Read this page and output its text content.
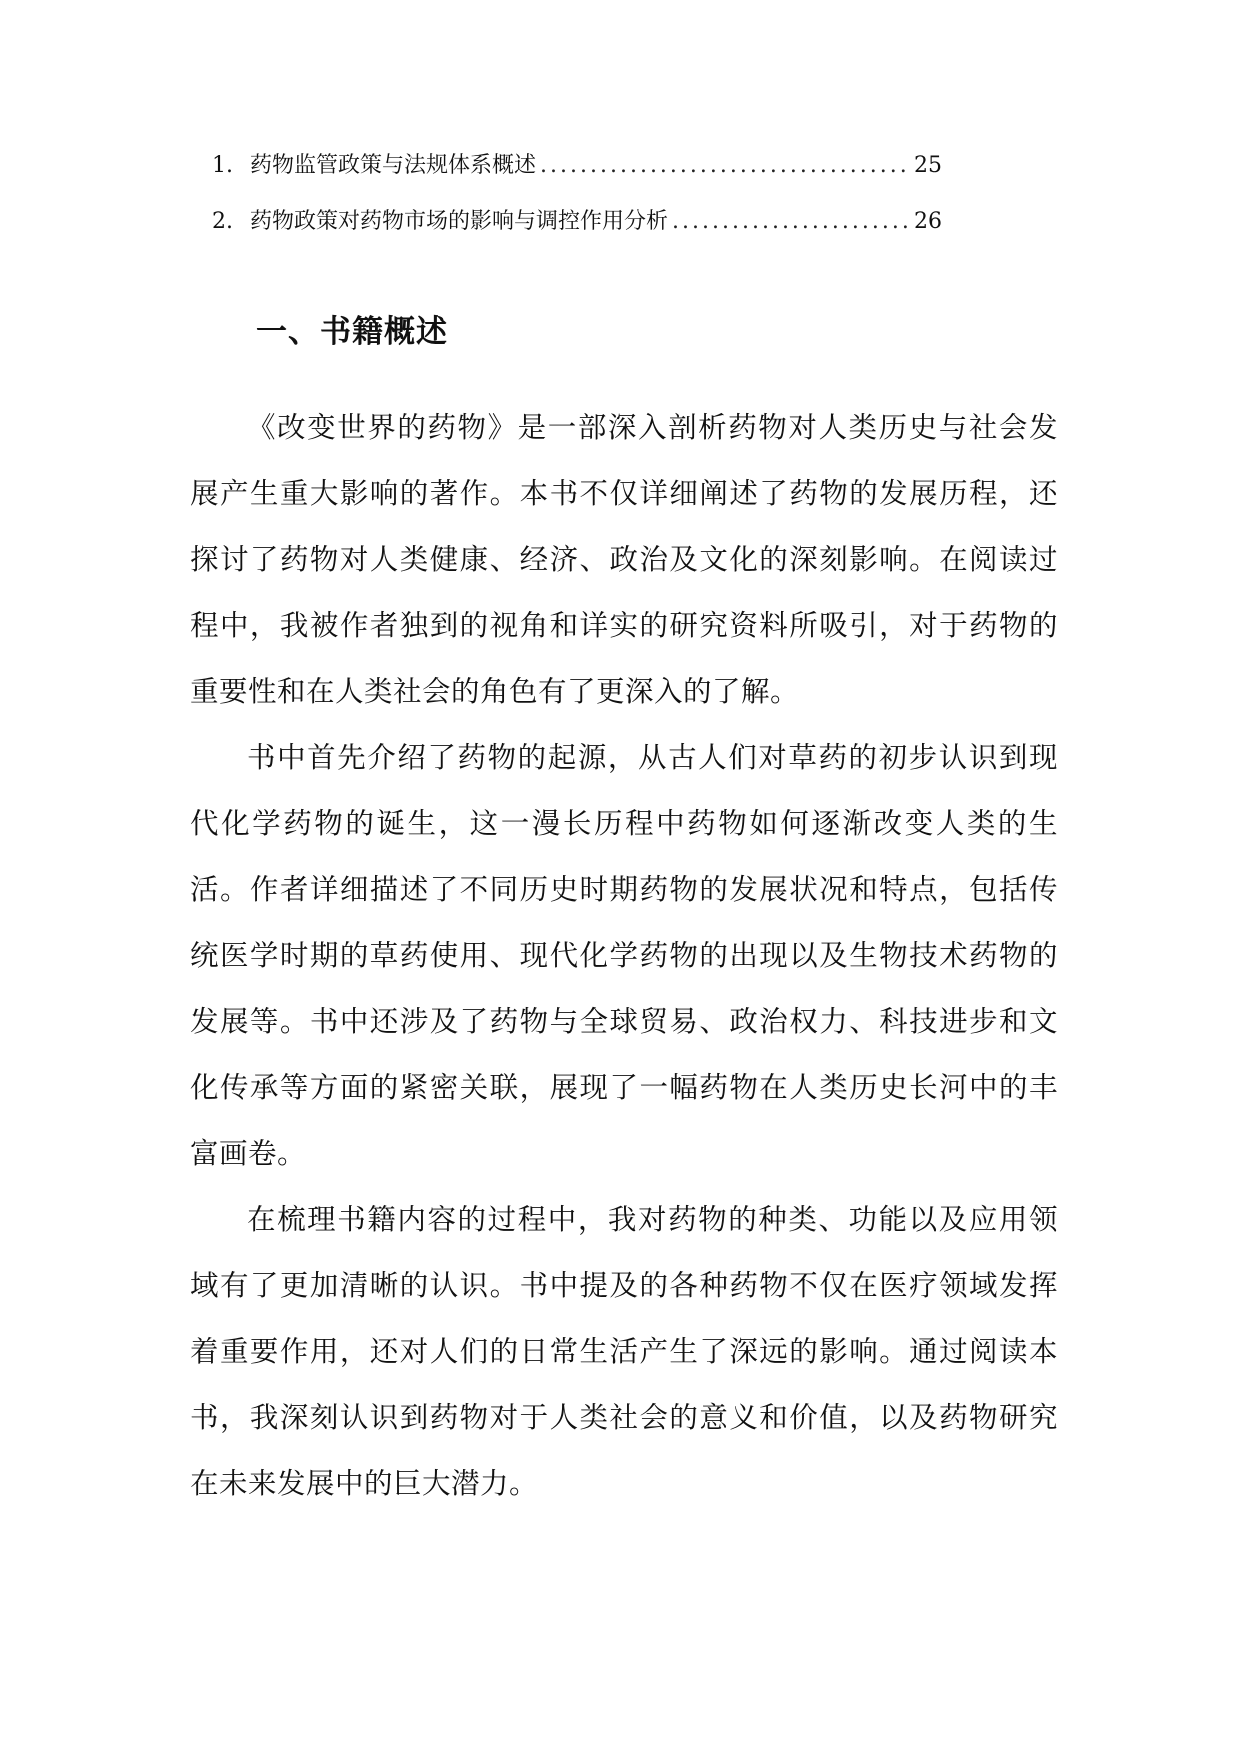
1. 药物监管政策与法规体系概述 .....	25
2. 药物政策对药物市场的影响与调控作用分析 .....	26
一、书籍概述

《改变世界的药物》是一部深入剖析药物对人类历史与社会发展产生重大影响的著作。本书不仅详细阐述了药物的发展历程，还探讨了药物对人类健康、经济、政治及文化的深刻影响。在阅读过程中，我被作者独到的视角和详实的研究资料所吸引，对于药物的重要性和在人类社会的角色有了更深入的了解。

书中首先介绍了药物的起源，从古人们对草药的初步认识到现代化学药物的诞生，这一漫长历程中药物如何逐渐改变人类的生活。作者详细描述了不同历史时期药物的发展状况和特点，包括传统医学时期的草药使用、现代化学药物的出现以及生物技术药物的发展等。书中还涉及了药物与全球贸易、政治权力、科技进步和文化传承等方面的紧密关联，展现了一幅药物在人类历史长河中的丰富画卷。

在梳理书籍内容的过程中，我对药物的种类、功能以及应用领域有了更加清晰的认识。书中提及的各种药物不仅在医疗领域发挥着重要作用，还对人们的日常生活产生了深远的影响。通过阅读本书，我深刻认识到药物对于人类社会的意义和价值，以及药物研究在未来发展中的巨大潜力。
